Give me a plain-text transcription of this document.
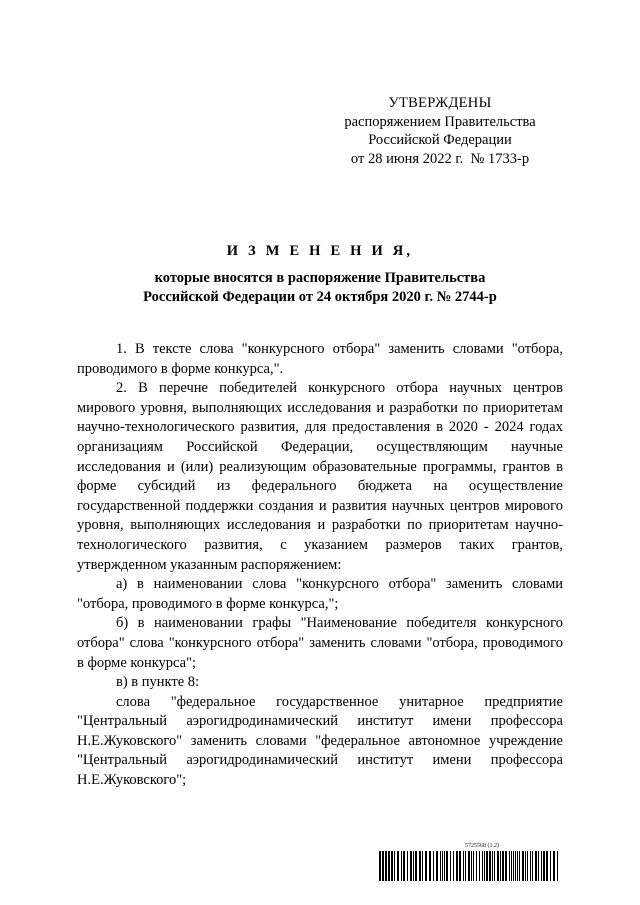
УТВЕРЖДЕНЫ
распоряжением Правительства
Российской Федерации
от 28 июня 2022 г.  № 1733-р
И З М Е Н Е Н И Я,
которые вносятся в распоряжение Правительства
Российской Федерации от 24 октября 2020 г. № 2744-р

1. В тексте слова "конкурсного отбора" заменить словами "отбора, проводимого в форме конкурса,".

2. В перечне победителей конкурсного отбора научных центров мирового уровня, выполняющих исследования и разработки по приоритетам научно-технологического развития, для предоставления в 2020 - 2024 годах организациям Российской Федерации, осуществляющим научные исследования и (или) реализующим образовательные программы, грантов в форме субсидий из федерального бюджета на осуществление государственной поддержки создания и развития научных центров мирового уровня, выполняющих исследования и разработки по приоритетам научно-технологического развития, с указанием размеров таких грантов, утвержденном указанным распоряжением:

а) в наименовании слова "конкурсного отбора" заменить словами "отбора, проводимого в форме конкурса,";

б) в наименовании графы "Наименование победителя конкурсного отбора" слова "конкурсного отбора" заменить словами "отбора, проводимого в форме конкурса";

в) в пункте 8:

слова "федеральное государственное унитарное предприятие "Центральный аэрогидродинамический институт имени профессора Н.Е.Жуковского" заменить словами "федеральное автономное учреждение "Центральный аэрогидродинамический институт имени профессора Н.Е.Жуковского";

5725568 (1.2)
